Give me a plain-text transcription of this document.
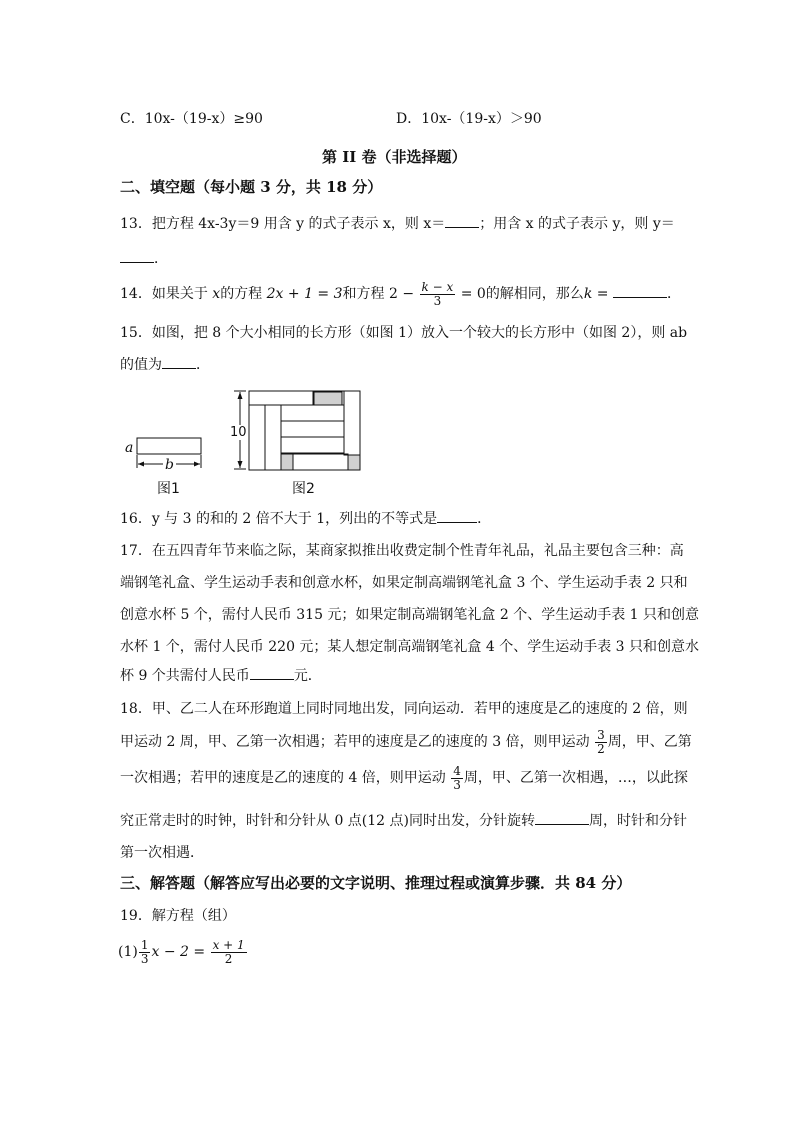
C．10x-（19-x）≥90	D．10x-（19-x）＞90
第 II 卷（非选择题）
二、填空题（每小题 3 分，共 18 分）
13．把方程 4x-3y＝9 用含 y 的式子表示 x，则 x＝ ；用含 x 的式子表示 y，则 y＝
．
14．如果关于 x的方程 2x + 1 = 3和方程 $2 - \frac{k - x}{3} = 0$的解相同，那么k =	．
15．如图，把 8 个大小相同的长方形（如图 1）放入一个较大的长方形中（如图 2），则 ab
的值为 ．
a
b
图1
10
图2
16．y 与 3 的和的 2 倍不大于 1，列出的不等式是	．
17．在五四青年节来临之际，某商家拟推出收费定制个性青年礼品，礼品主要包含三种：高
端钢笔礼盒、学生运动手表和创意水杯，如果定制高端钢笔礼盒 3 个、学生运动手表 2 只和
创意水杯 5 个，需付人民币 315 元；如果定制高端钢笔礼盒 2 个、学生运动手表 1 只和创意
水杯 1 个，需付人民币 220 元；某人想定制高端钢笔礼盒 4 个、学生运动手表 3 只和创意水
杯 9 个共需付人民币	元．
18．甲、乙二人在环形跑道上同时同地出发，同向运动．若甲的速度是乙的速度的 2 倍，则
甲运动 2 周，甲、乙第一次相遇；若甲的速度是乙的速度的 3 倍，则甲运动 $\frac{3}{2}$ 周，甲、乙第
一次相遇；若甲的速度是乙的速度的 4 倍，则甲运动 $\frac{4}{3}$ 周，甲、乙第一次相遇，…，以此探
究正常走时的时钟，时针和分针从 0 点(12 点)同时出发，分针旋转	周，时针和分针
第一次相遇．
三、解答题（解答应写出必要的文字说明、推理过程或演算步骤．共 84 分）
19．解方程（组）
$(1) \frac{1}{3}$ $x - 2 = \frac{x + 1}{2}$
